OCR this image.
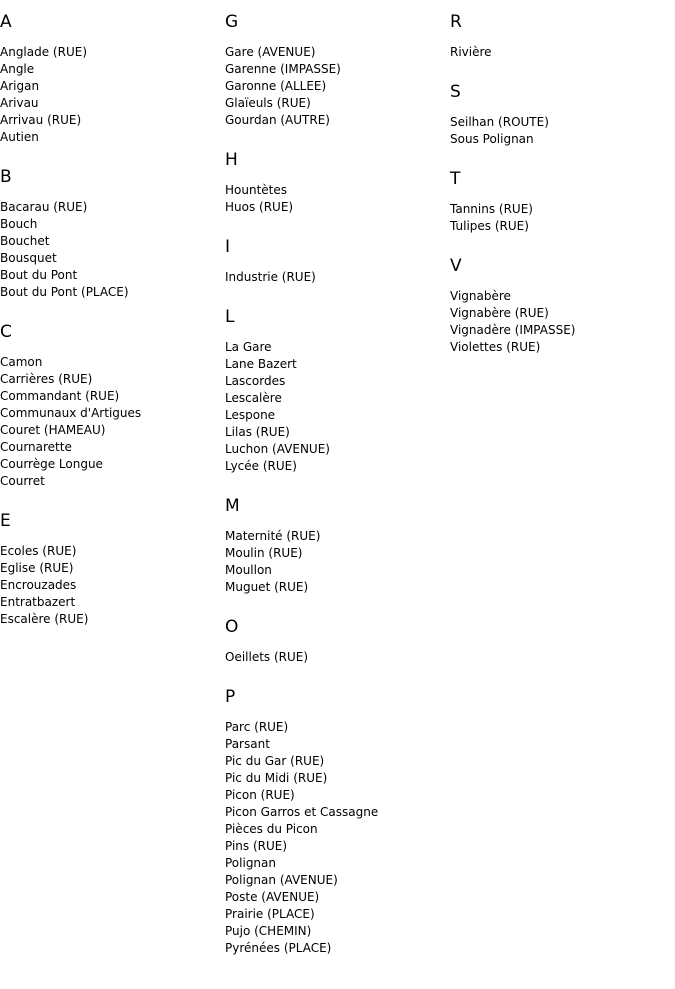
A
Anglade (RUE)
Angle
Arigan
Arivau
Arrivau (RUE)
Autien
B
Bacarau (RUE)
Bouch
Bouchet
Bousquet
Bout du Pont
Bout du Pont (PLACE)
C
Camon
Carrières (RUE)
Commandant (RUE)
Communaux d'Artigues
Couret (HAMEAU)
Cournarette
Courrège Longue
Courret
E
Ecoles (RUE)
Eglise (RUE)
Encrouzades
Entratbazert
Escalère (RUE)
G
Gare (AVENUE)
Garenne (IMPASSE)
Garonne (ALLEE)
Glaïeuls (RUE)
Gourdan (AUTRE)
H
Hountètes
Huos (RUE)
I
Industrie (RUE)
L
La Gare
Lane Bazert
Lascordes
Lescalère
Lespone
Lilas (RUE)
Luchon (AVENUE)
Lycée (RUE)
M
Maternité (RUE)
Moulin (RUE)
Moullon
Muguet (RUE)
O
Oeillets (RUE)
P
Parc (RUE)
Parsant
Pic du Gar (RUE)
Pic du Midi (RUE)
Picon (RUE)
Picon Garros et Cassagne
Pièces du Picon
Pins (RUE)
Polignan
Polignan (AVENUE)
Poste (AVENUE)
Prairie (PLACE)
Pujo (CHEMIN)
Pyrénées (PLACE)
R
Rivière
S
Seilhan (ROUTE)
Sous Polignan
T
Tannins (RUE)
Tulipes (RUE)
V
Vignabère
Vignabère (RUE)
Vignadère (IMPASSE)
Violettes (RUE)
